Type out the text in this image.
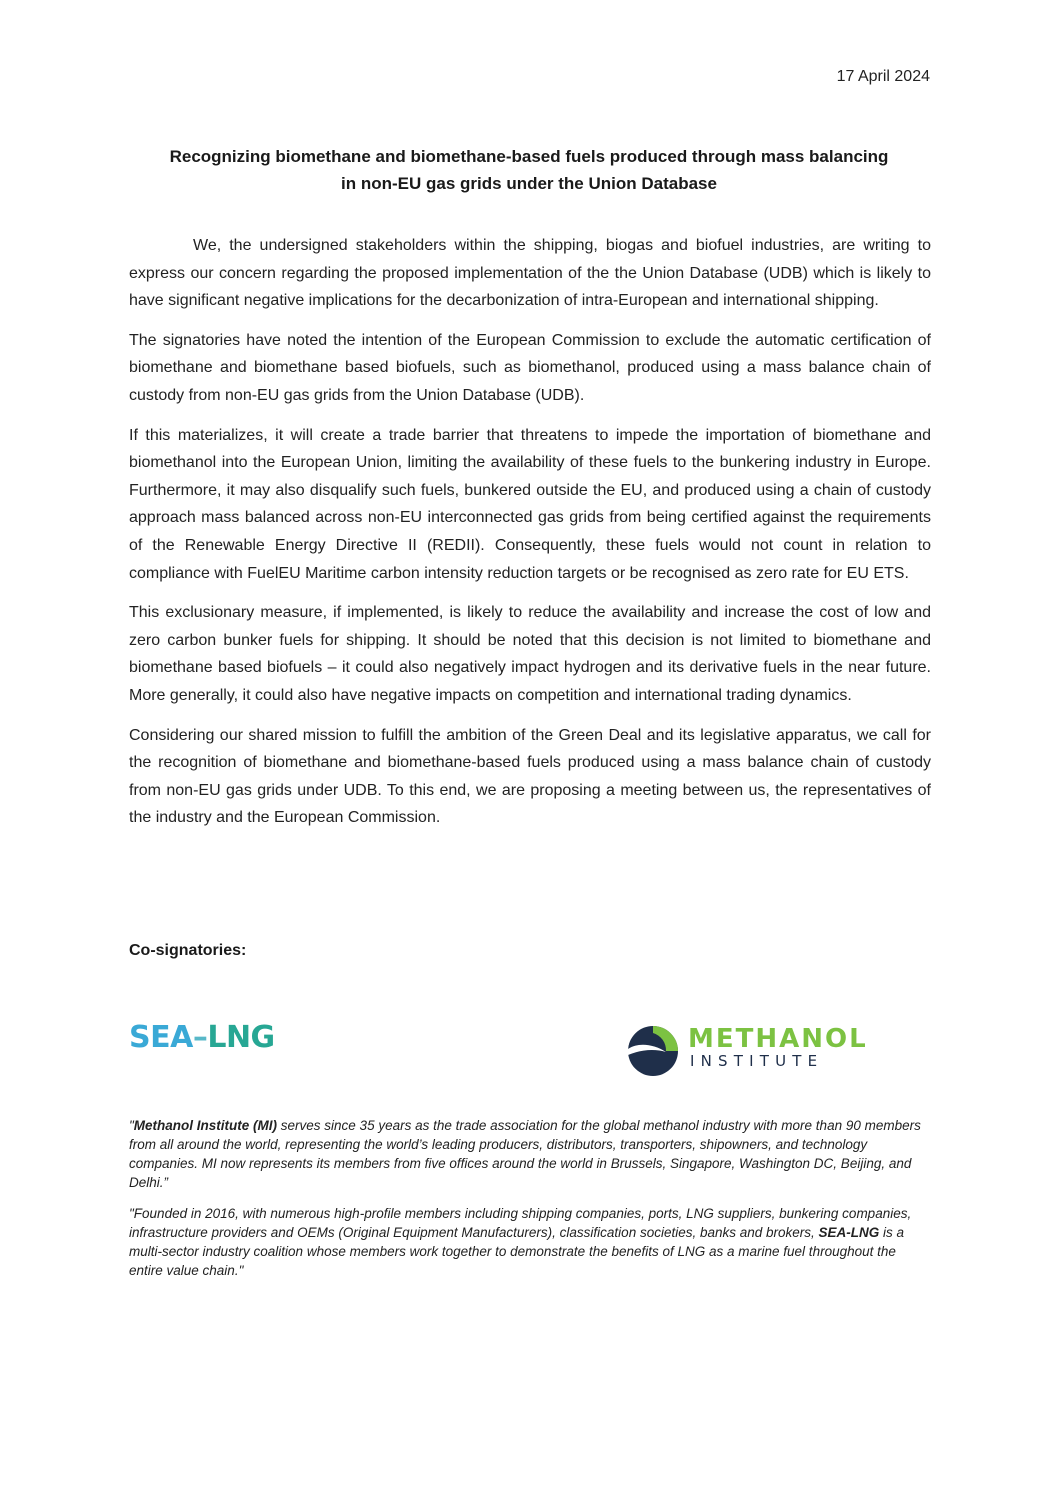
17 April 2024
Recognizing biomethane and biomethane-based fuels produced through mass balancing
in non-EU gas grids under the Union Database

We, the undersigned stakeholders within the shipping, biogas and biofuel industries, are writing to express our concern regarding the proposed implementation of the the Union Database (UDB) which is likely to have significant negative implications for the decarbonization of intra-European and international shipping.

The signatories have noted the intention of the European Commission to exclude the automatic certification of biomethane and biomethane based biofuels, such as biomethanol, produced using a mass balance chain of custody from non-EU gas grids from the Union Database (UDB).

If this materializes, it will create a trade barrier that threatens to impede the importation of biomethane and biomethanol into the European Union, limiting the availability of these fuels to the bunkering industry in Europe. Furthermore, it may also disqualify such fuels, bunkered outside the EU, and produced using a chain of custody approach mass balanced across non-EU interconnected gas grids from being certified against the requirements of the Renewable Energy Directive II (REDII). Consequently, these fuels would not count in relation to compliance with FuelEU Maritime carbon intensity reduction targets or be recognised as zero rate for EU ETS.

This exclusionary measure, if implemented, is likely to reduce the availability and increase the cost of low and zero carbon bunker fuels for shipping. It should be noted that this decision is not limited to biomethane and biomethane based biofuels – it could also negatively impact hydrogen and its derivative fuels in the near future. More generally, it could also have negative impacts on competition and international trading dynamics.

Considering our shared mission to fulfill the ambition of the Green Deal and its legislative apparatus, we call for the recognition of biomethane and biomethane-based fuels produced using a mass balance chain of custody from non-EU gas grids under UDB. To this end, we are proposing a meeting between us, the representatives of the industry and the European Commission.

Co-signatories:
SEA–LNG	METHANOL
INSTITUTE

"Methanol Institute (MI) serves since 35 years as the trade association for the global methanol industry with more than 90 members from all around the world, representing the world’s leading producers, distributors, transporters, shipowners, and technology companies. MI now represents its members from five offices around the world in Brussels, Singapore, Washington DC, Beijing, and Delhi.”

"Founded in 2016, with numerous high-profile members including shipping companies, ports, LNG suppliers, bunkering companies, infrastructure providers and OEMs (Original Equipment Manufacturers), classification societies, banks and brokers, SEA-LNG is a multi-sector industry coalition whose members work together to demonstrate the benefits of LNG as a marine fuel throughout the entire value chain."
